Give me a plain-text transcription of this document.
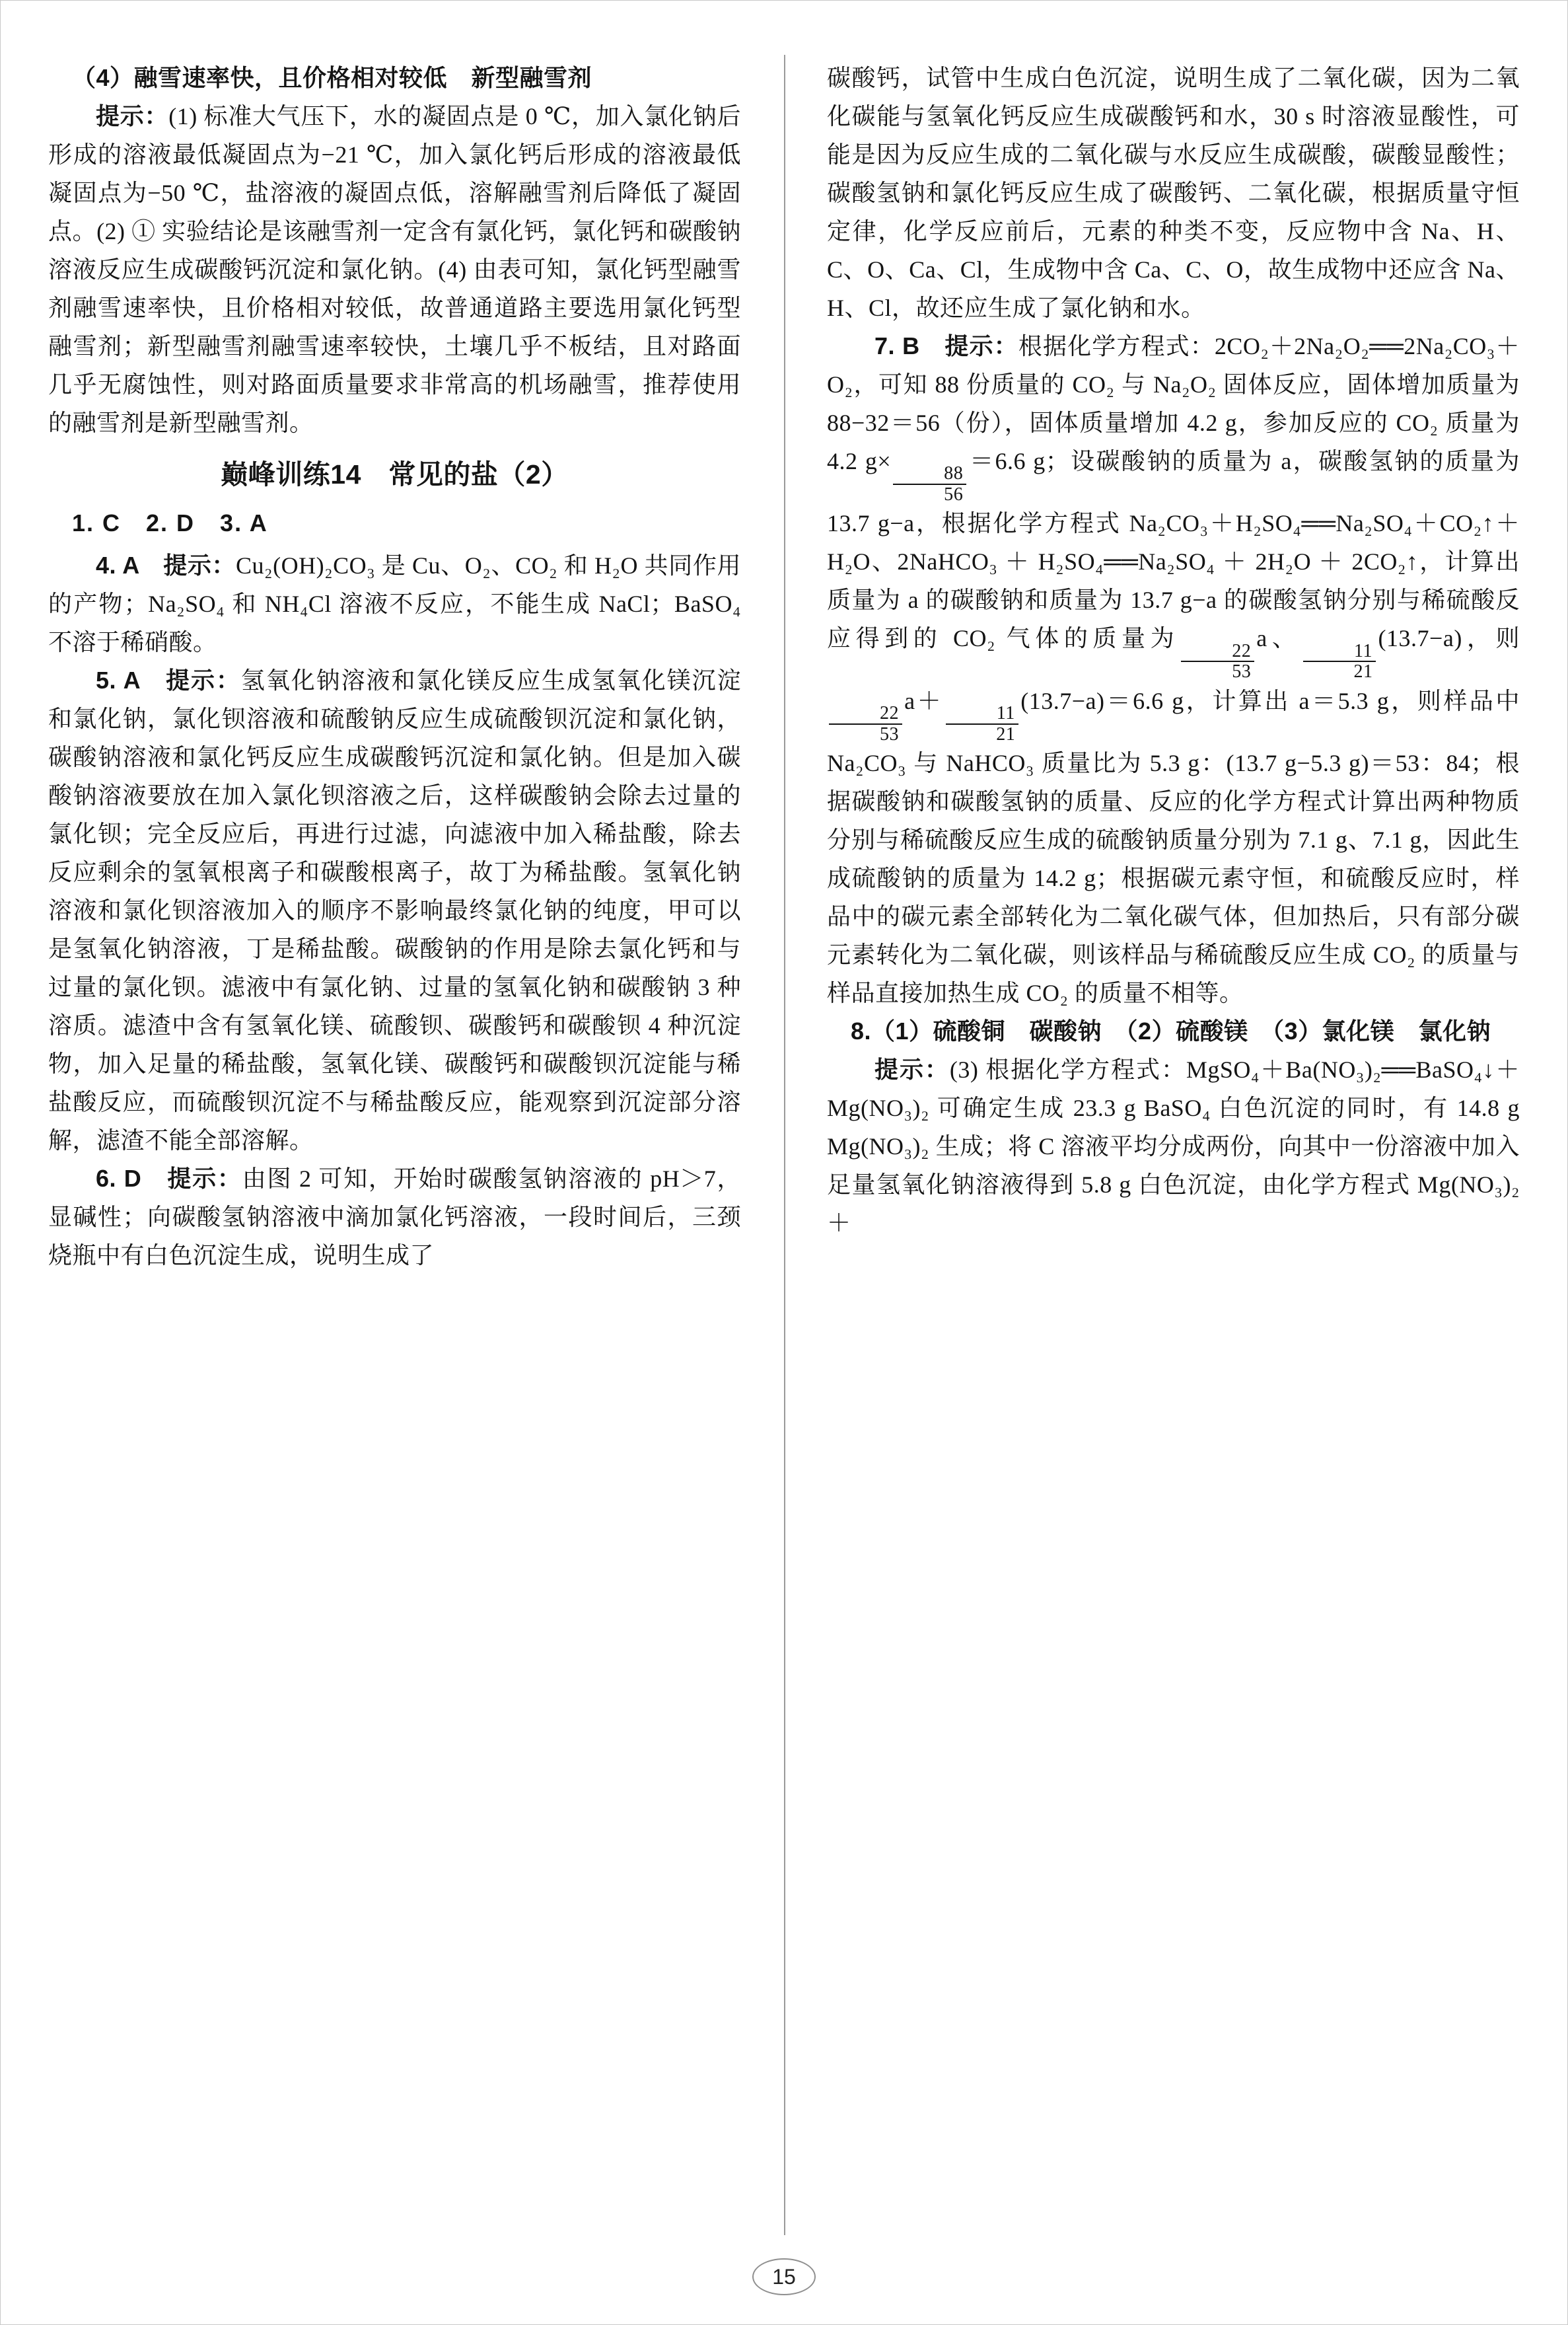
（4）融雪速率快，且价格相对较低　新型融雪剂

提示：(1) 标准大气压下，水的凝固点是 0 ℃，加入氯化钠后形成的溶液最低凝固点为−21 ℃，加入氯化钙后形成的溶液最低凝固点为−50 ℃，盐溶液的凝固点低，溶解融雪剂后降低了凝固点。(2) ① 实验结论是该融雪剂一定含有氯化钙，氯化钙和碳酸钠溶液反应生成碳酸钙沉淀和氯化钠。(4) 由表可知，氯化钙型融雪剂融雪速率快，且价格相对较低，故普通道路主要选用氯化钙型融雪剂；新型融雪剂融雪速率较快，土壤几乎不板结，且对路面几乎无腐蚀性，则对路面质量要求非常高的机场融雪，推荐使用的融雪剂是新型融雪剂。

巅峰训练14　常见的盐（2）

1. C　2. D　3. A

4. A　提示：Cu₂(OH)₂CO₃ 是 Cu、O₂、CO₂ 和 H₂O 共同作用的产物；Na₂SO₄ 和 NH₄Cl 溶液不反应，不能生成 NaCl；BaSO₄ 不溶于稀硝酸。

5. A　提示：氢氧化钠溶液和氯化镁反应生成氢氧化镁沉淀和氯化钠，氯化钡溶液和硫酸钠反应生成硫酸钡沉淀和氯化钠，碳酸钠溶液和氯化钙反应生成碳酸钙沉淀和氯化钠。但是加入碳酸钠溶液要放在加入氯化钡溶液之后，这样碳酸钠会除去过量的氯化钡；完全反应后，再进行过滤，向滤液中加入稀盐酸，除去反应剩余的氢氧根离子和碳酸根离子，故丁为稀盐酸。氢氧化钠溶液和氯化钡溶液加入的顺序不影响最终氯化钠的纯度，甲可以是氢氧化钠溶液，丁是稀盐酸。碳酸钠的作用是除去氯化钙和与过量的氯化钡。滤液中有氯化钠、过量的氢氧化钠和碳酸钠 3 种溶质。滤渣中含有氢氧化镁、硫酸钡、碳酸钙和碳酸钡 4 种沉淀物，加入足量的稀盐酸，氢氧化镁、碳酸钙和碳酸钡沉淀能与稀盐酸反应，而硫酸钡沉淀不与稀盐酸反应，能观察到沉淀部分溶解，滤渣不能全部溶解。

6. D　提示：由图 2 可知，开始时碳酸氢钠溶液的 pH＞7，显碱性；向碳酸氢钠溶液中滴加氯化钙溶液，一段时间后，三颈烧瓶中有白色沉淀生成，说明生成了

碳酸钙，试管中生成白色沉淀，说明生成了二氧化碳，因为二氧化碳能与氢氧化钙反应生成碳酸钙和水，30 s 时溶液显酸性，可能是因为反应生成的二氧化碳与水反应生成碳酸，碳酸显酸性；碳酸氢钠和氯化钙反应生成了碳酸钙、二氧化碳，根据质量守恒定律，化学反应前后，元素的种类不变，反应物中含 Na、H、C、O、Ca、Cl，生成物中含 Ca、C、O，故生成物中还应含 Na、H、Cl，故还应生成了氯化钠和水。

7. B　提示：根据化学方程式：2CO₂＋2Na₂O₂══2Na₂CO₃＋O₂，可知 88 份质量的 CO₂ 与 Na₂O₂ 固体反应，固体增加质量为 88−32＝56（份），固体质量增加 4.2 g，参加反应的 CO₂ 质量为 4.2 g×
$\frac{88}{56}$
＝6.6 g；设碳酸钠的质量为 a，碳酸氢钠的质量为 13.7 g−a，根据化学方程式 Na₂CO₃＋H₂SO₄══Na₂SO₄＋CO₂↑＋H₂O、2NaHCO₃ ＋ H₂SO₄══Na₂SO₄ ＋ 2H₂O ＋ 2CO₂↑，计算出质量为 a 的碳酸钠和质量为 13.7 g−a 的碳酸氢钠分别与稀硫酸反应得到的 CO₂ 气体的质量为
$\frac{22}{53}$
a、
$\frac{11}{21}$
(13.7−a)，则
$\frac{22}{53}$
a＋
$\frac{11}{21}$
(13.7−a)＝6.6 g，计算出 a＝5.3 g，则样品中 Na₂CO₃ 与 NaHCO₃ 质量比为 5.3 g：(13.7 g−5.3 g)＝53：84；根据碳酸钠和碳酸氢钠的质量、反应的化学方程式计算出两种物质分别与稀硫酸反应生成的硫酸钠质量分别为 7.1 g、7.1 g，因此生成硫酸钠的质量为 14.2 g；根据碳元素守恒，和硫酸反应时，样品中的碳元素全部转化为二氧化碳气体，但加热后，只有部分碳元素转化为二氧化碳，则该样品与稀硫酸反应生成 CO₂ 的质量与样品直接加热生成 CO₂ 的质量不相等。

8.（1）硫酸铜　碳酸钠　（2）硫酸镁　（3）氯化镁　氯化钠

提示：(3) 根据化学方程式：MgSO₄＋Ba(NO₃)₂══BaSO₄↓＋Mg(NO₃)₂ 可确定生成 23.3 g BaSO₄ 白色沉淀的同时，有 14.8 g Mg(NO₃)₂ 生成；将 C 溶液平均分成两份，向其中一份溶液中加入足量氢氧化钠溶液得到 5.8 g 白色沉淀，由化学方程式 Mg(NO₃)₂＋

15
